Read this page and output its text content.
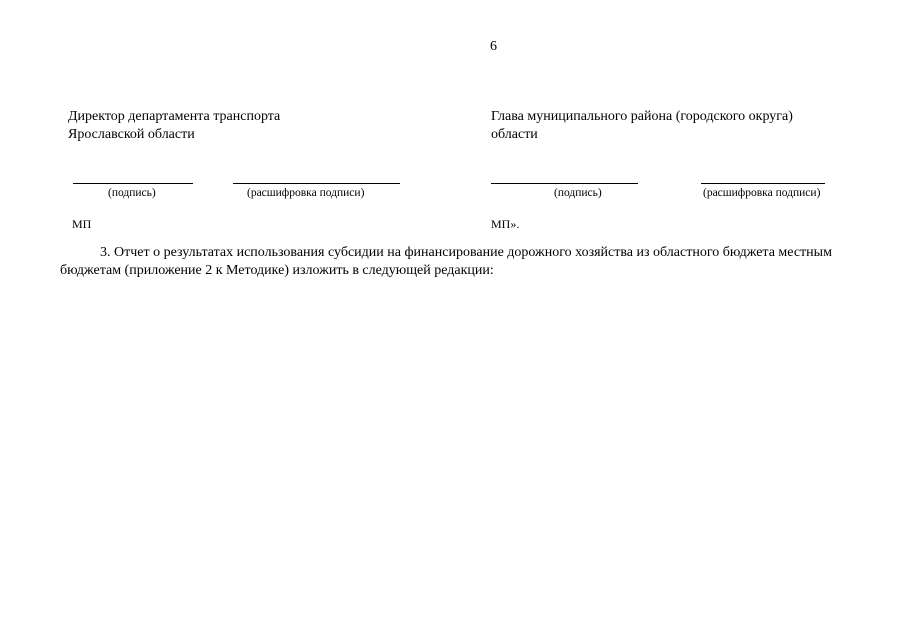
6
Директор департамента транспорта
Ярославской области
(подпись)	(расшифровка подписи)
МП
Глава муниципального района (городского округа)
области
(подпись)	(расшифровка подписи)
МП».
3. Отчет о результатах использования субсидии на финансирование дорожного хозяйства из областного бюджета местным бюджетам (приложение 2 к Методике) изложить в следующей редакции:
